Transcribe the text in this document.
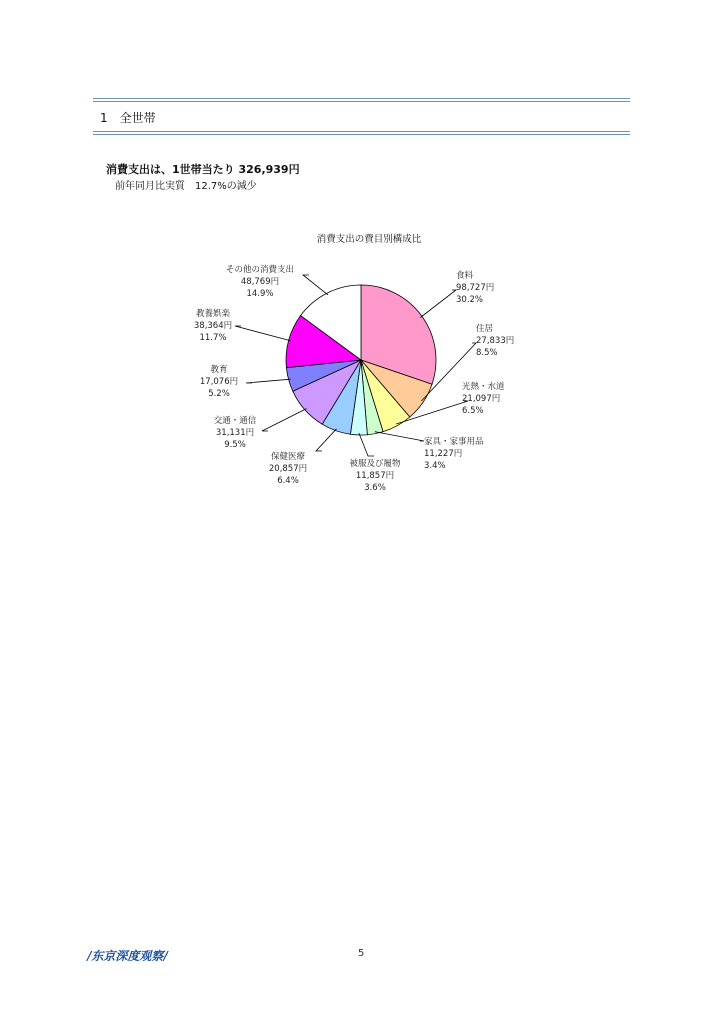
1　全世帯
消費支出は、1世帯当たり 326,939円
前年同月比実質　12.7%の減少
消費支出の費目別構成比
食料 98,727円 30.2%
住居 27,833円 8.5%
光熱・水道 21,097円 6.5%
家具・家事用品 11,227円 3.4%
被服及び履物 11,857円 3.6%
保健医療 20,857円 6.4%
交通・通信 31,131円 9.5%
教育 17,076円 5.2%
教養娯楽 38,364円 11.7%
その他の消費支出 48,769円 14.9%
/东京深度观察/	5
